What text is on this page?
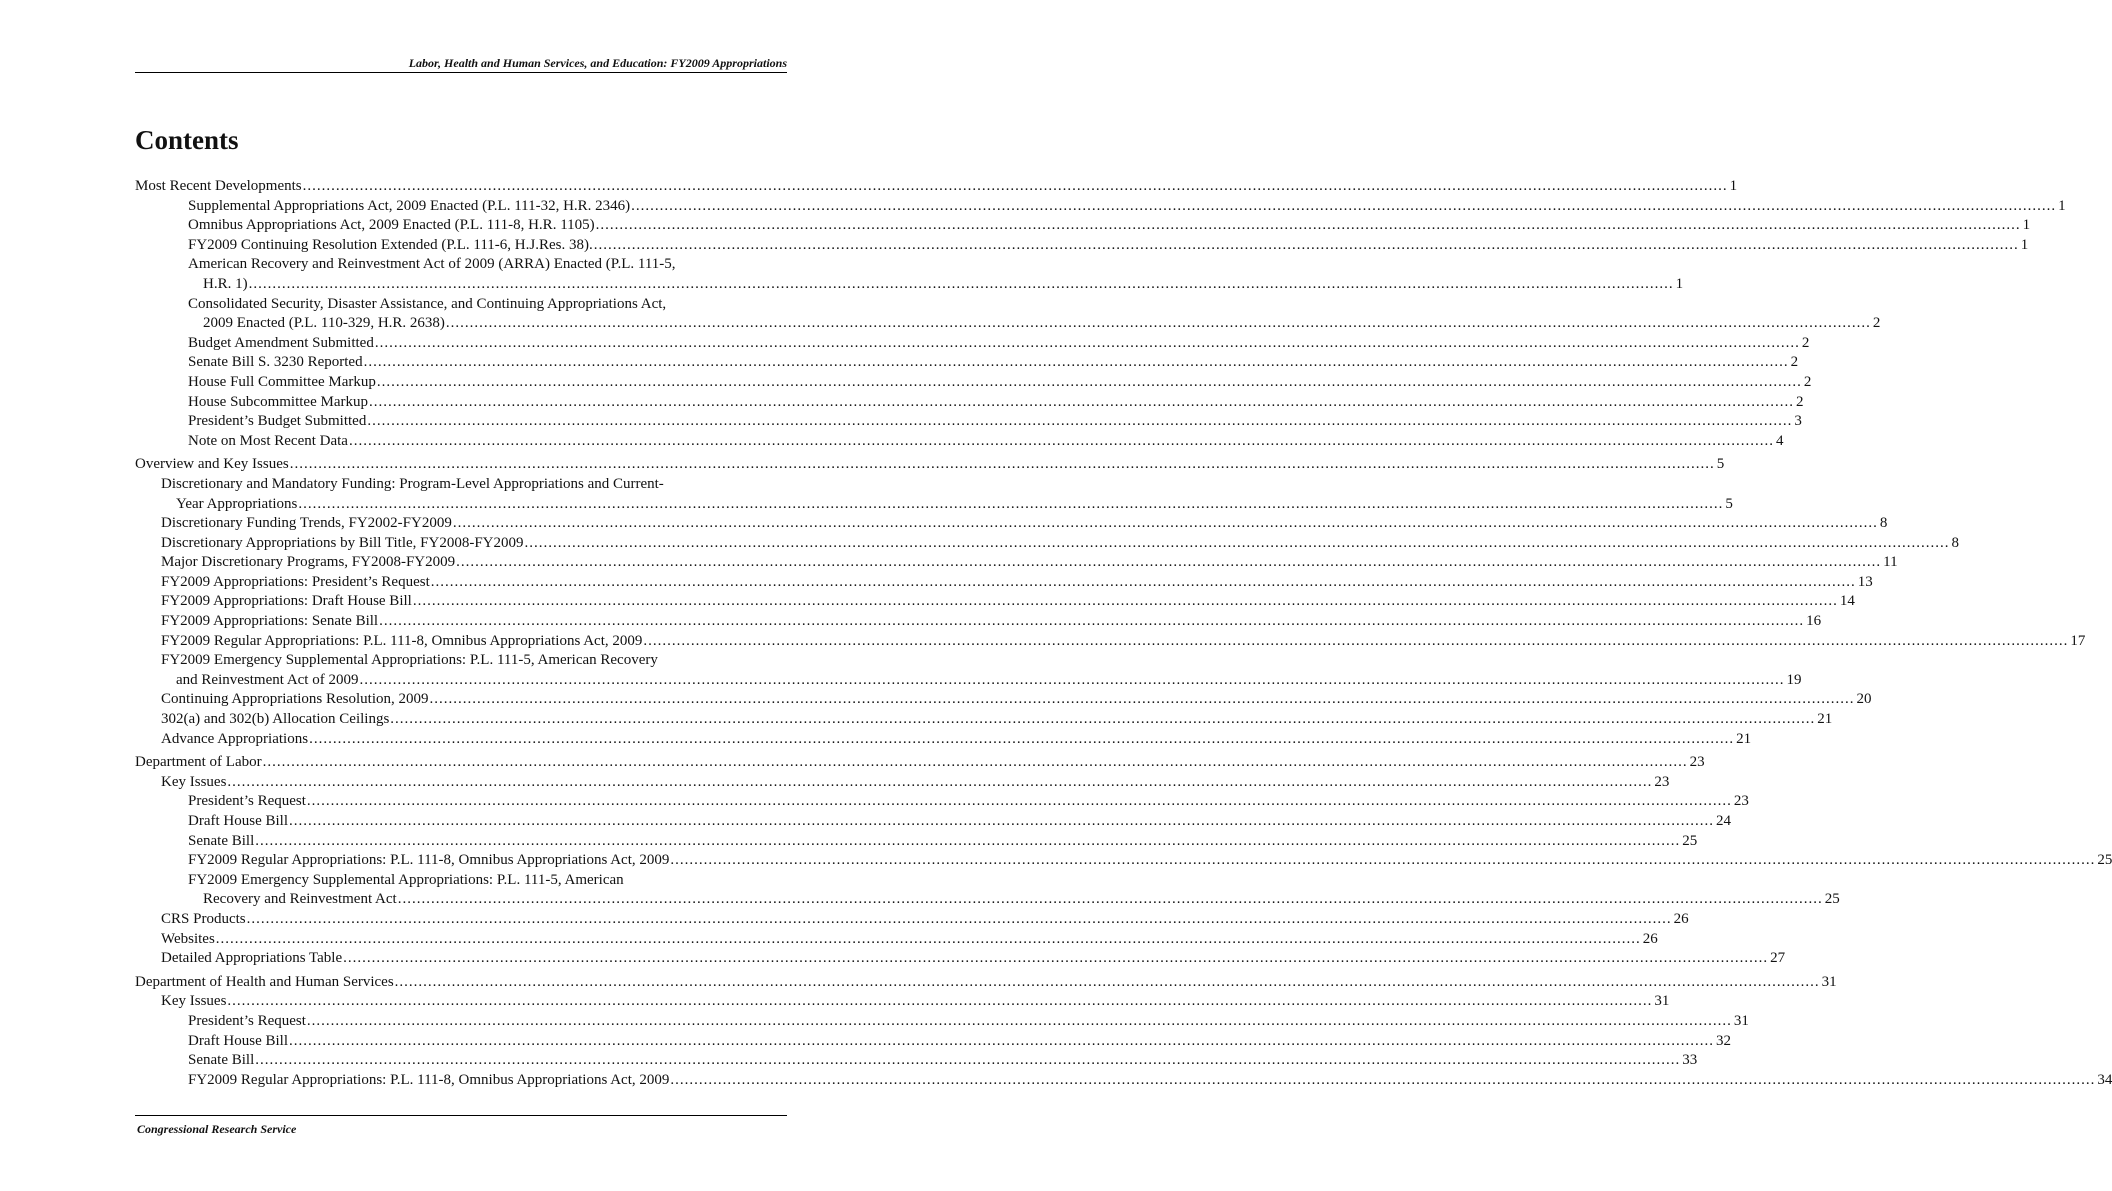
Labor, Health and Human Services, and Education: FY2009 Appropriations
Contents
Most Recent Developments ............................................................................................................................................................................................................................................................................................................ 1
Supplemental Appropriations Act, 2009 Enacted (P.L. 111-32, H.R. 2346) ............................................................................................................................................................................................................................................................................................................ 1
Omnibus Appropriations Act, 2009 Enacted (P.L. 111-8, H.R. 1105) ............................................................................................................................................................................................................................................................................................................ 1
FY2009 Continuing Resolution Extended (P.L. 111-6, H.J.Res. 38). ............................................................................................................................................................................................................................................................................................................ 1
American Recovery and Reinvestment Act of 2009 (ARRA) Enacted (P.L. 111-5,
H.R. 1) ............................................................................................................................................................................................................................................................................................................ 1
Consolidated Security, Disaster Assistance, and Continuing Appropriations Act,
2009 Enacted (P.L. 110-329, H.R. 2638) ............................................................................................................................................................................................................................................................................................................ 2
Budget Amendment Submitted ............................................................................................................................................................................................................................................................................................................ 2
Senate Bill S. 3230 Reported ............................................................................................................................................................................................................................................................................................................ 2
House Full Committee Markup ............................................................................................................................................................................................................................................................................................................ 2
House Subcommittee Markup ............................................................................................................................................................................................................................................................................................................ 2
President’s Budget Submitted ............................................................................................................................................................................................................................................................................................................ 3
Note on Most Recent Data ............................................................................................................................................................................................................................................................................................................ 4
Overview and Key Issues ............................................................................................................................................................................................................................................................................................................ 5
Discretionary and Mandatory Funding: Program-Level Appropriations and Current-
Year Appropriations ............................................................................................................................................................................................................................................................................................................ 5
Discretionary Funding Trends, FY2002-FY2009 ............................................................................................................................................................................................................................................................................................................ 8
Discretionary Appropriations by Bill Title, FY2008-FY2009 ............................................................................................................................................................................................................................................................................................................ 8
Major Discretionary Programs, FY2008-FY2009 ............................................................................................................................................................................................................................................................................................................ 11
FY2009 Appropriations: President’s Request ............................................................................................................................................................................................................................................................................................................ 13
FY2009 Appropriations: Draft House Bill ............................................................................................................................................................................................................................................................................................................ 14
FY2009 Appropriations: Senate Bill ............................................................................................................................................................................................................................................................................................................ 16
FY2009 Regular Appropriations: P.L. 111-8, Omnibus Appropriations Act, 2009 ............................................................................................................................................................................................................................................................................................................ 17
FY2009 Emergency Supplemental Appropriations: P.L. 111-5, American Recovery
and Reinvestment Act of 2009 ............................................................................................................................................................................................................................................................................................................ 19
Continuing Appropriations Resolution, 2009 ............................................................................................................................................................................................................................................................................................................ 20
302(a) and 302(b) Allocation Ceilings ............................................................................................................................................................................................................................................................................................................ 21
Advance Appropriations ............................................................................................................................................................................................................................................................................................................ 21
Department of Labor ............................................................................................................................................................................................................................................................................................................ 23
Key Issues ............................................................................................................................................................................................................................................................................................................ 23
President’s Request ............................................................................................................................................................................................................................................................................................................ 23
Draft House Bill ............................................................................................................................................................................................................................................................................................................ 24
Senate Bill ............................................................................................................................................................................................................................................................................................................ 25
FY2009 Regular Appropriations: P.L. 111-8, Omnibus Appropriations Act, 2009 ............................................................................................................................................................................................................................................................................................................ 25
FY2009 Emergency Supplemental Appropriations: P.L. 111-5, American
Recovery and Reinvestment Act ............................................................................................................................................................................................................................................................................................................ 25
CRS Products ............................................................................................................................................................................................................................................................................................................ 26
Websites ............................................................................................................................................................................................................................................................................................................ 26
Detailed Appropriations Table ............................................................................................................................................................................................................................................................................................................ 27
Department of Health and Human Services ............................................................................................................................................................................................................................................................................................................ 31
Key Issues ............................................................................................................................................................................................................................................................................................................ 31
President’s Request ............................................................................................................................................................................................................................................................................................................ 31
Draft House Bill ............................................................................................................................................................................................................................................................................................................ 32
Senate Bill ............................................................................................................................................................................................................................................................................................................ 33
FY2009 Regular Appropriations: P.L. 111-8, Omnibus Appropriations Act, 2009 ............................................................................................................................................................................................................................................................................................................ 34
Congressional Research Service
